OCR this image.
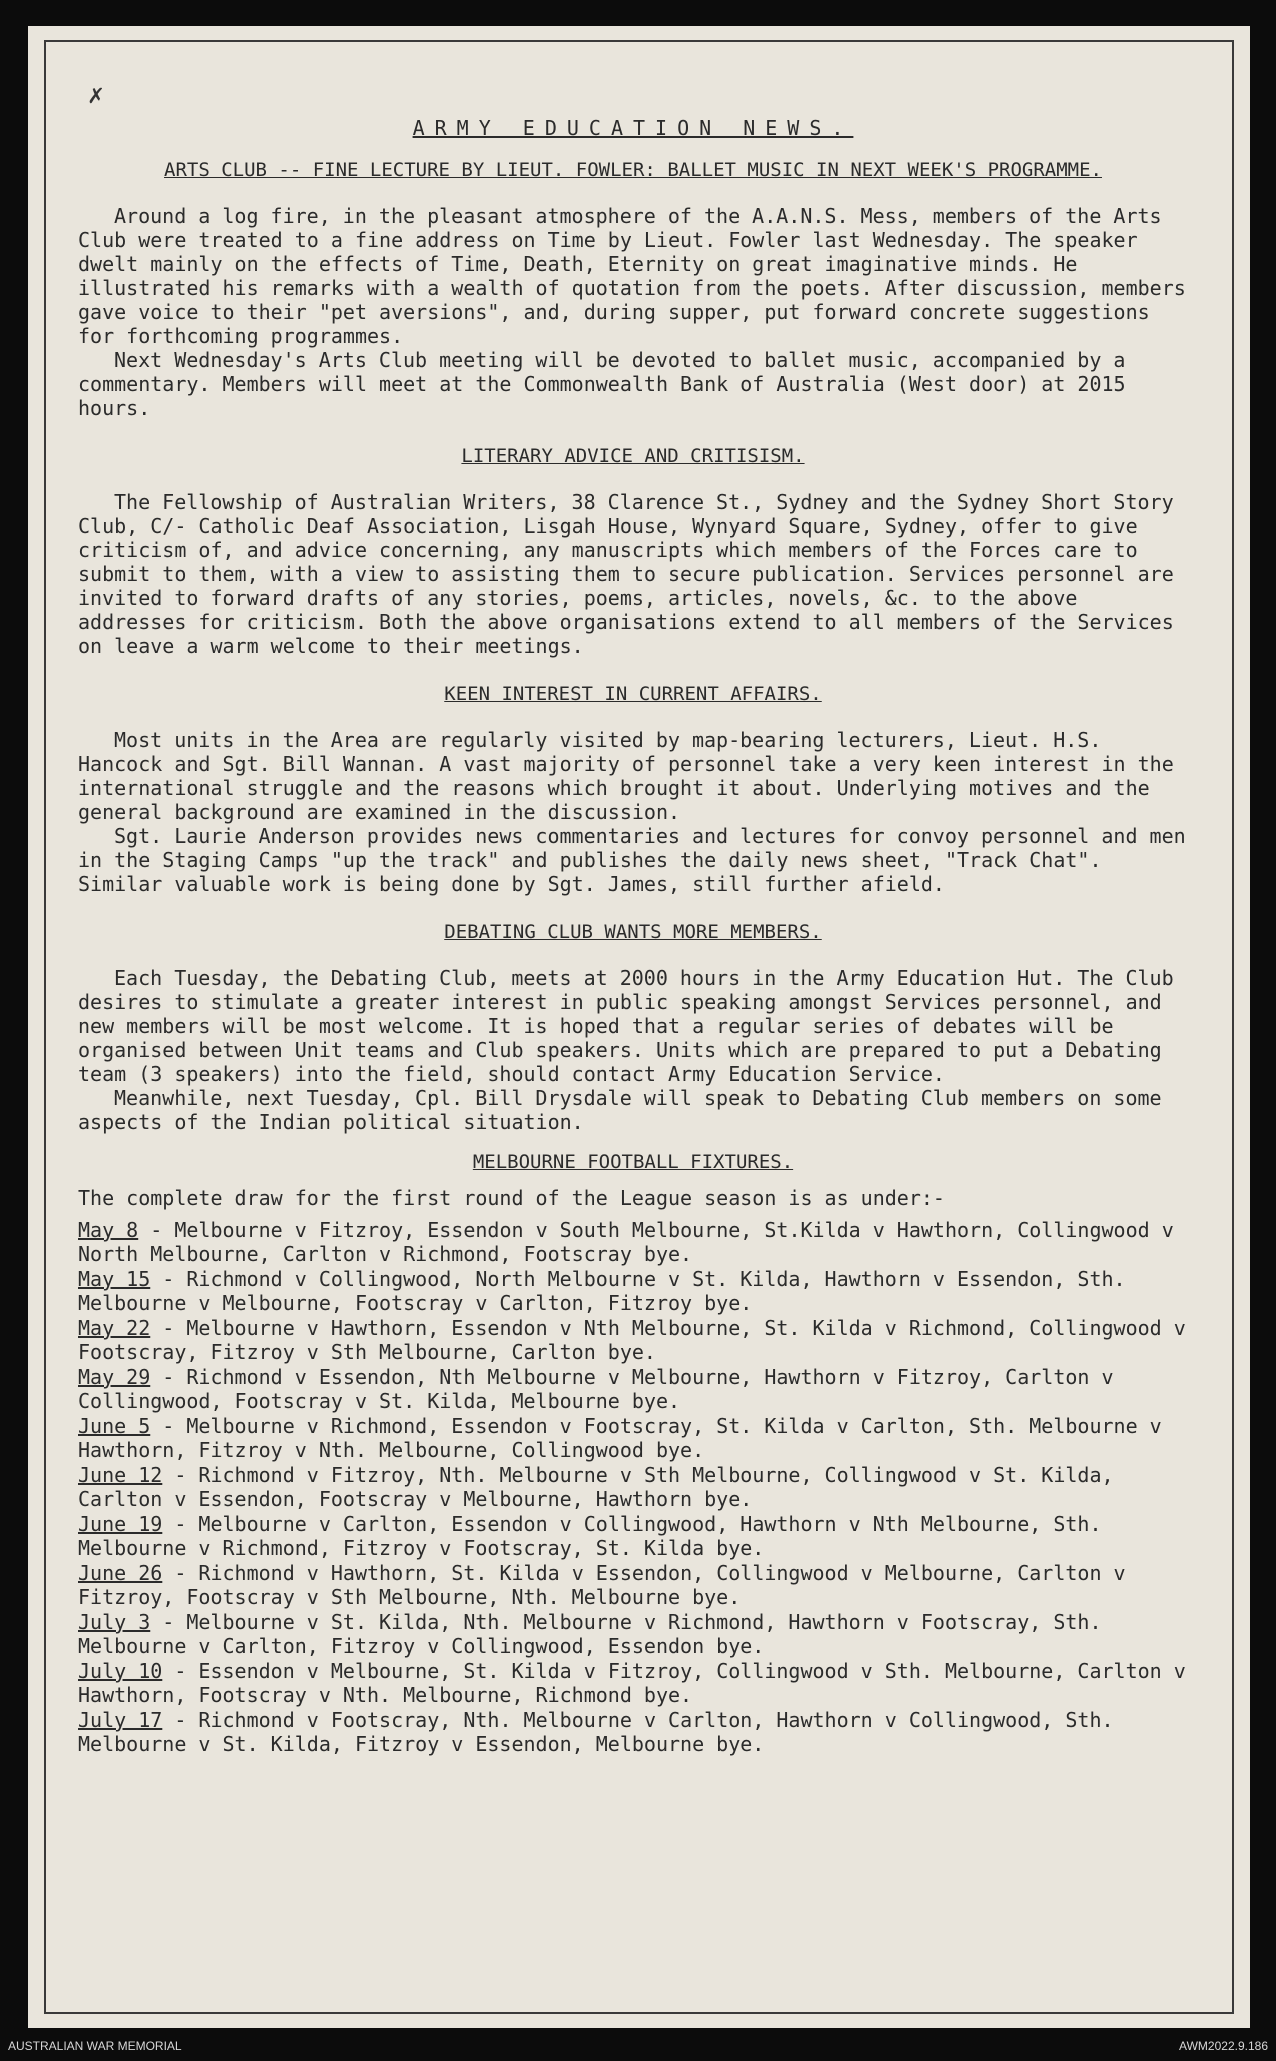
✗
ARMY EDUCATION NEWS.
ARTS CLUB -- FINE LECTURE BY LIEUT. FOWLER: BALLET MUSIC IN NEXT WEEK'S PROGRAMME.

Around a log fire, in the pleasant atmosphere of the A.A.N.S. Mess, members of the Arts Club were treated to a fine address on Time by Lieut. Fowler last Wednesday. The speaker dwelt mainly on the effects of Time, Death, Eternity on great imaginative minds. He illustrated his remarks with a wealth of quotation from the poets. After discussion, members gave voice to their "pet aversions", and, during supper, put forward concrete suggestions for forthcoming programmes.

Next Wednesday's Arts Club meeting will be devoted to ballet music, accompanied by a commentary. Members will meet at the Commonwealth Bank of Australia (West door) at 2015 hours.

LITERARY ADVICE AND CRITISISM.

The Fellowship of Australian Writers, 38 Clarence St., Sydney and the Sydney Short Story Club, C/- Catholic Deaf Association, Lisgah House, Wynyard Square, Sydney, offer to give criticism of, and advice concerning, any manuscripts which members of the Forces care to submit to them, with a view to assisting them to secure publication. Services personnel are invited to forward drafts of any stories, poems, articles, novels, &c. to the above addresses for criticism. Both the above organisations extend to all members of the Services on leave a warm welcome to their meetings.

KEEN INTEREST IN CURRENT AFFAIRS.

Most units in the Area are regularly visited by map-bearing lecturers, Lieut. H.S. Hancock and Sgt. Bill Wannan. A vast majority of personnel take a very keen interest in the international struggle and the reasons which brought it about. Underlying motives and the general background are examined in the discussion.

Sgt. Laurie Anderson provides news commentaries and lectures for convoy personnel and men in the Staging Camps "up the track" and publishes the daily news sheet, "Track Chat". Similar valuable work is being done by Sgt. James, still further afield.

DEBATING CLUB WANTS MORE MEMBERS.

Each Tuesday, the Debating Club, meets at 2000 hours in the Army Education Hut. The Club desires to stimulate a greater interest in public speaking amongst Services personnel, and new members will be most welcome. It is hoped that a regular series of debates will be organised between Unit teams and Club speakers. Units which are prepared to put a Debating team (3 speakers) into the field, should contact Army Education Service.

Meanwhile, next Tuesday, Cpl. Bill Drysdale will speak to Debating Club members on some aspects of the Indian political situation.

MELBOURNE FOOTBALL FIXTURES.

The complete draw for the first round of the League season is as under:-

May 8 - Melbourne v Fitzroy, Essendon v South Melbourne, St.Kilda v Hawthorn, Collingwood v North Melbourne, Carlton v Richmond, Footscray bye.
May 15 - Richmond v Collingwood, North Melbourne v St. Kilda, Hawthorn v Essendon, Sth. Melbourne v Melbourne, Footscray v Carlton, Fitzroy bye.
May 22 - Melbourne v Hawthorn, Essendon v Nth Melbourne, St. Kilda v Richmond, Collingwood v Footscray, Fitzroy v Sth Melbourne, Carlton bye.
May 29 - Richmond v Essendon, Nth Melbourne v Melbourne, Hawthorn v Fitzroy, Carlton v Collingwood, Footscray v St. Kilda, Melbourne bye.
June 5 - Melbourne v Richmond, Essendon v Footscray, St. Kilda v Carlton, Sth. Melbourne v Hawthorn, Fitzroy v Nth. Melbourne, Collingwood bye.
June 12 - Richmond v Fitzroy, Nth. Melbourne v Sth Melbourne, Collingwood v St. Kilda, Carlton v Essendon, Footscray v Melbourne, Hawthorn bye.
June 19 - Melbourne v Carlton, Essendon v Collingwood, Hawthorn v Nth Melbourne, Sth. Melbourne v Richmond, Fitzroy v Footscray, St. Kilda bye.
June 26 - Richmond v Hawthorn, St. Kilda v Essendon, Collingwood v Melbourne, Carlton v Fitzroy, Footscray v Sth Melbourne, Nth. Melbourne bye.
July 3 - Melbourne v St. Kilda, Nth. Melbourne v Richmond, Hawthorn v Footscray, Sth. Melbourne v Carlton, Fitzroy v Collingwood, Essendon bye.
July 10 - Essendon v Melbourne, St. Kilda v Fitzroy, Collingwood v Sth. Melbourne, Carlton v Hawthorn, Footscray v Nth. Melbourne, Richmond bye.
July 17 - Richmond v Footscray, Nth. Melbourne v Carlton, Hawthorn v Collingwood, Sth. Melbourne v St. Kilda, Fitzroy v Essendon, Melbourne bye.
AUSTRALIAN WAR MEMORIAL	AWM2022.9.186
